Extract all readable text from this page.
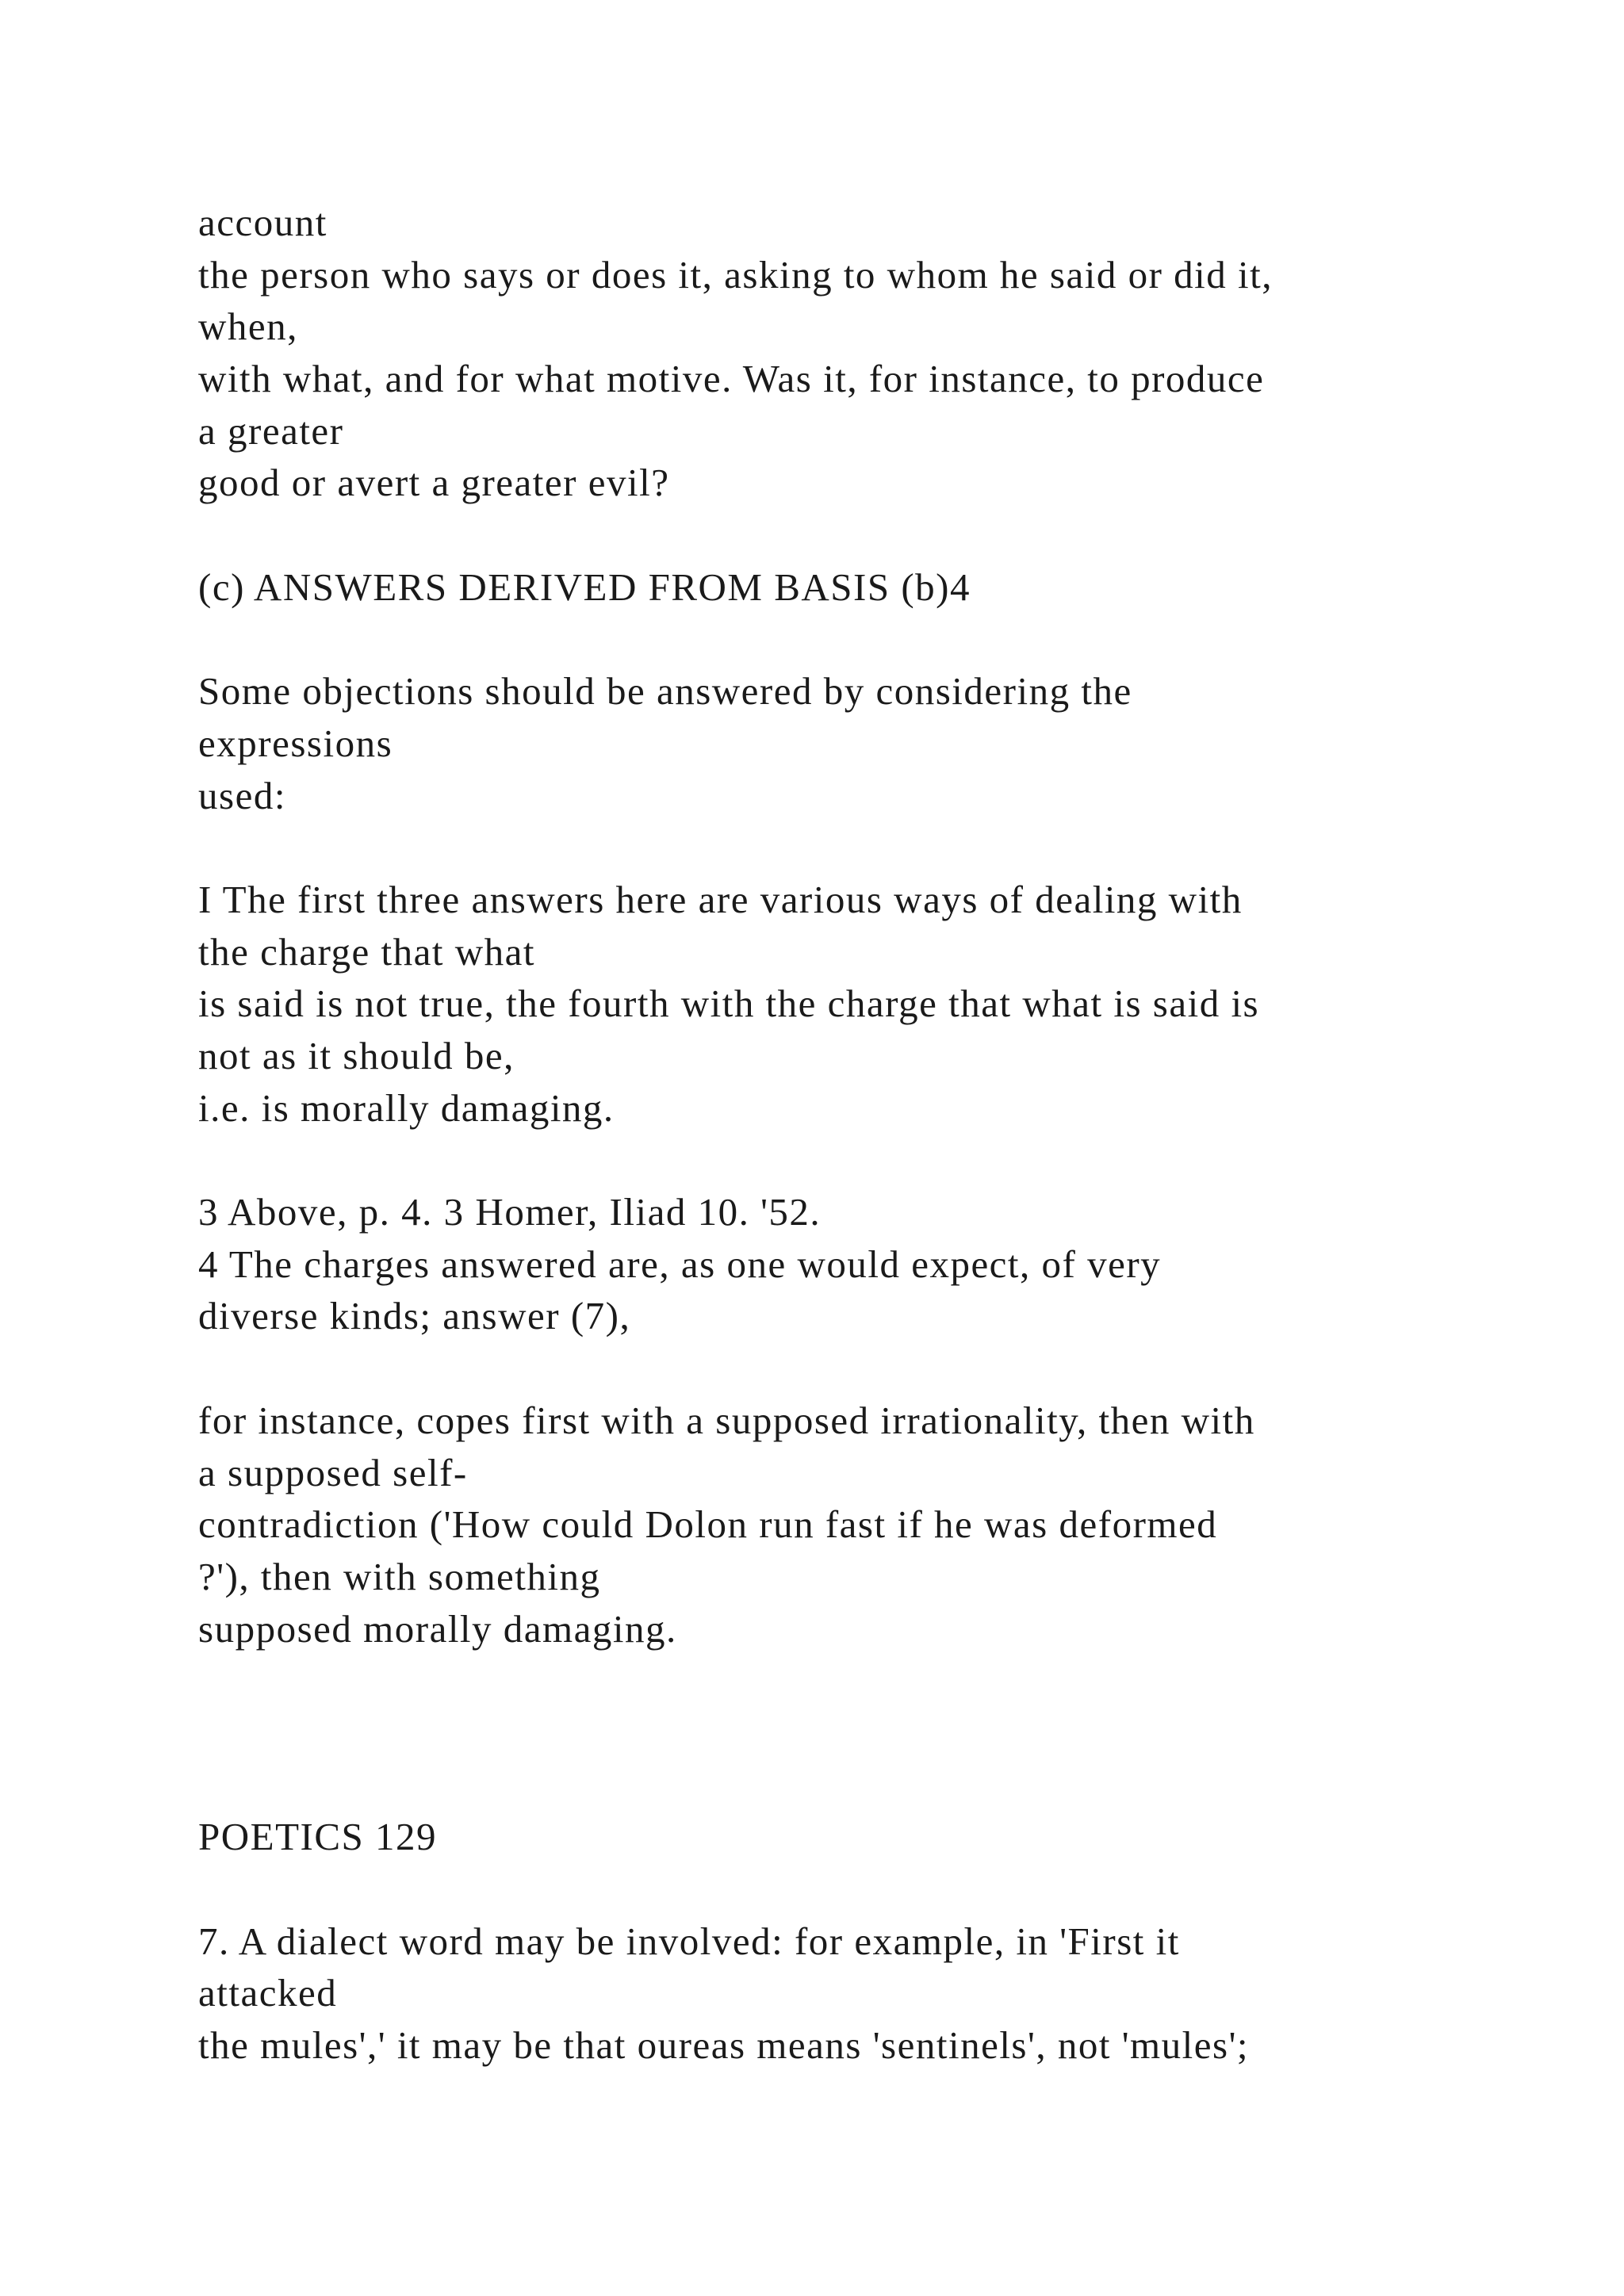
account
the person who says or does it, asking to whom he said or did it,
when,
with what, and for what motive. Was it, for instance, to produce
a greater
good or avert a greater evil?
(c) ANSWERS DERIVED FROM BASIS (b)4
Some objections should be answered by considering the
expressions
used:
I The first three answers here are various ways of dealing with
the charge that what
is said is not true, the fourth with the charge that what is said is
not as it should be,
i.e. is morally damaging.
3 Above, p. 4. 3 Homer, Iliad 10. '52.
4 The charges answered are, as one would expect, of very
diverse kinds; answer (7),
for instance, copes first with a supposed irrationality, then with
a supposed self-
contradiction ('How could Dolon run fast if he was deformed
?'), then with something
supposed morally damaging.
POETICS 129
7. A dialect word may be involved: for example, in 'First it
attacked
the mules',' it may be that oureas means 'sentinels', not 'mules';
